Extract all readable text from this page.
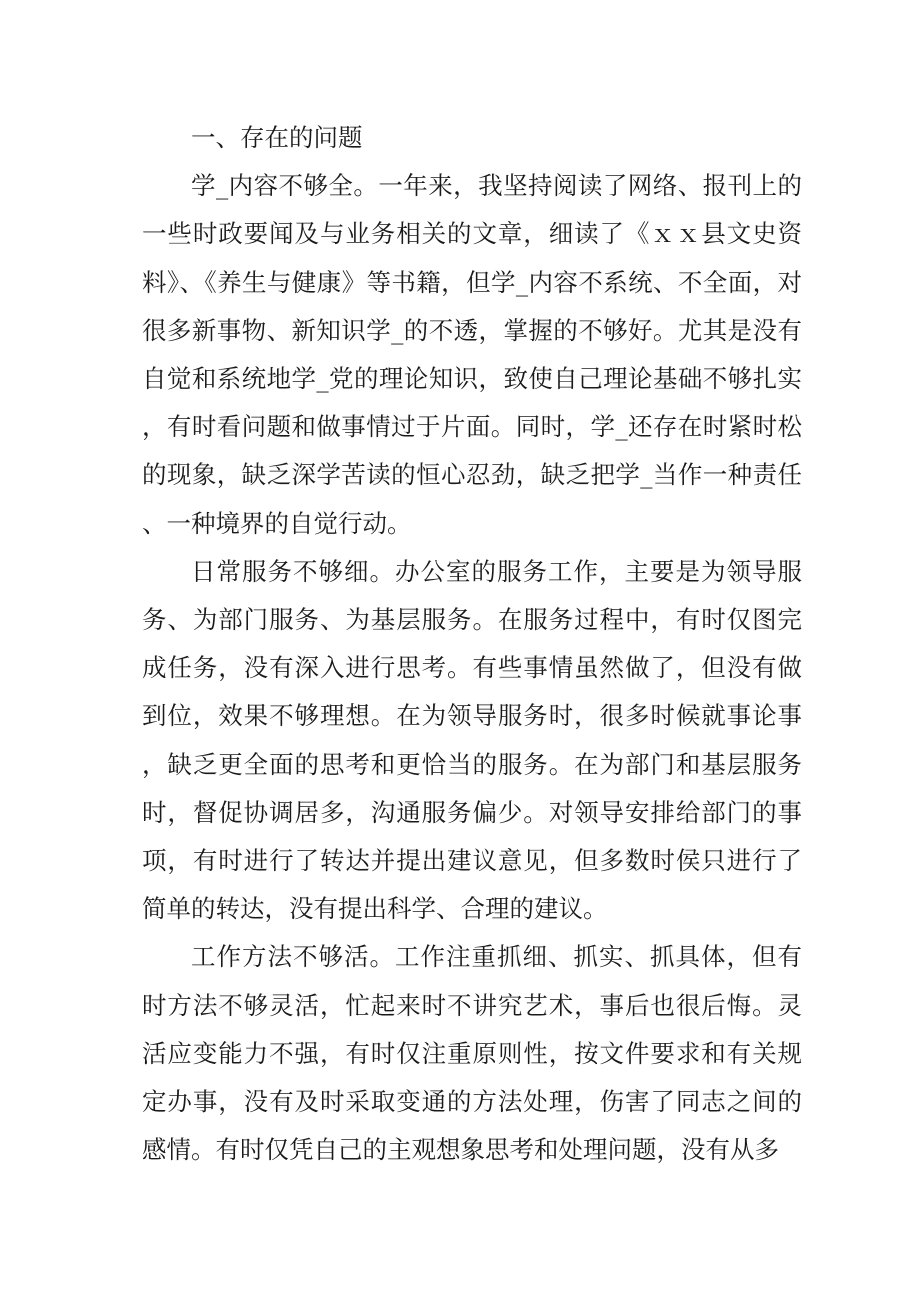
一、存在的问题

学_内容不够全。一年来，我坚持阅读了网络、报刊上的一些时政要闻及与业务相关的文章，细读了《ｘｘ县文史资料》、《养生与健康》等书籍，但学_内容不系统、不全面，对很多新事物、新知识学_的不透，掌握的不够好。尤其是没有自觉和系统地学_党的理论知识，致使自己理论基础不够扎实，有时看问题和做事情过于片面。同时，学_还存在时紧时松的现象，缺乏深学苦读的恒心忍劲，缺乏把学_当作一种责任、一种境界的自觉行动。

日常服务不够细。办公室的服务工作，主要是为领导服务、为部门服务、为基层服务。在服务过程中，有时仅图完成任务，没有深入进行思考。有些事情虽然做了，但没有做到位，效果不够理想。在为领导服务时，很多时候就事论事，缺乏更全面的思考和更恰当的服务。在为部门和基层服务时，督促协调居多，沟通服务偏少。对领导安排给部门的事项，有时进行了转达并提出建议意见，但多数时侯只进行了简单的转达，没有提出科学、合理的建议。

工作方法不够活。工作注重抓细、抓实、抓具体，但有时方法不够灵活，忙起来时不讲究艺术，事后也很后悔。灵活应变能力不强，有时仅注重原则性，按文件要求和有关规定办事，没有及时采取变通的方法处理，伤害了同志之间的感情。有时仅凭自己的主观想象思考和处理问题，没有从多
